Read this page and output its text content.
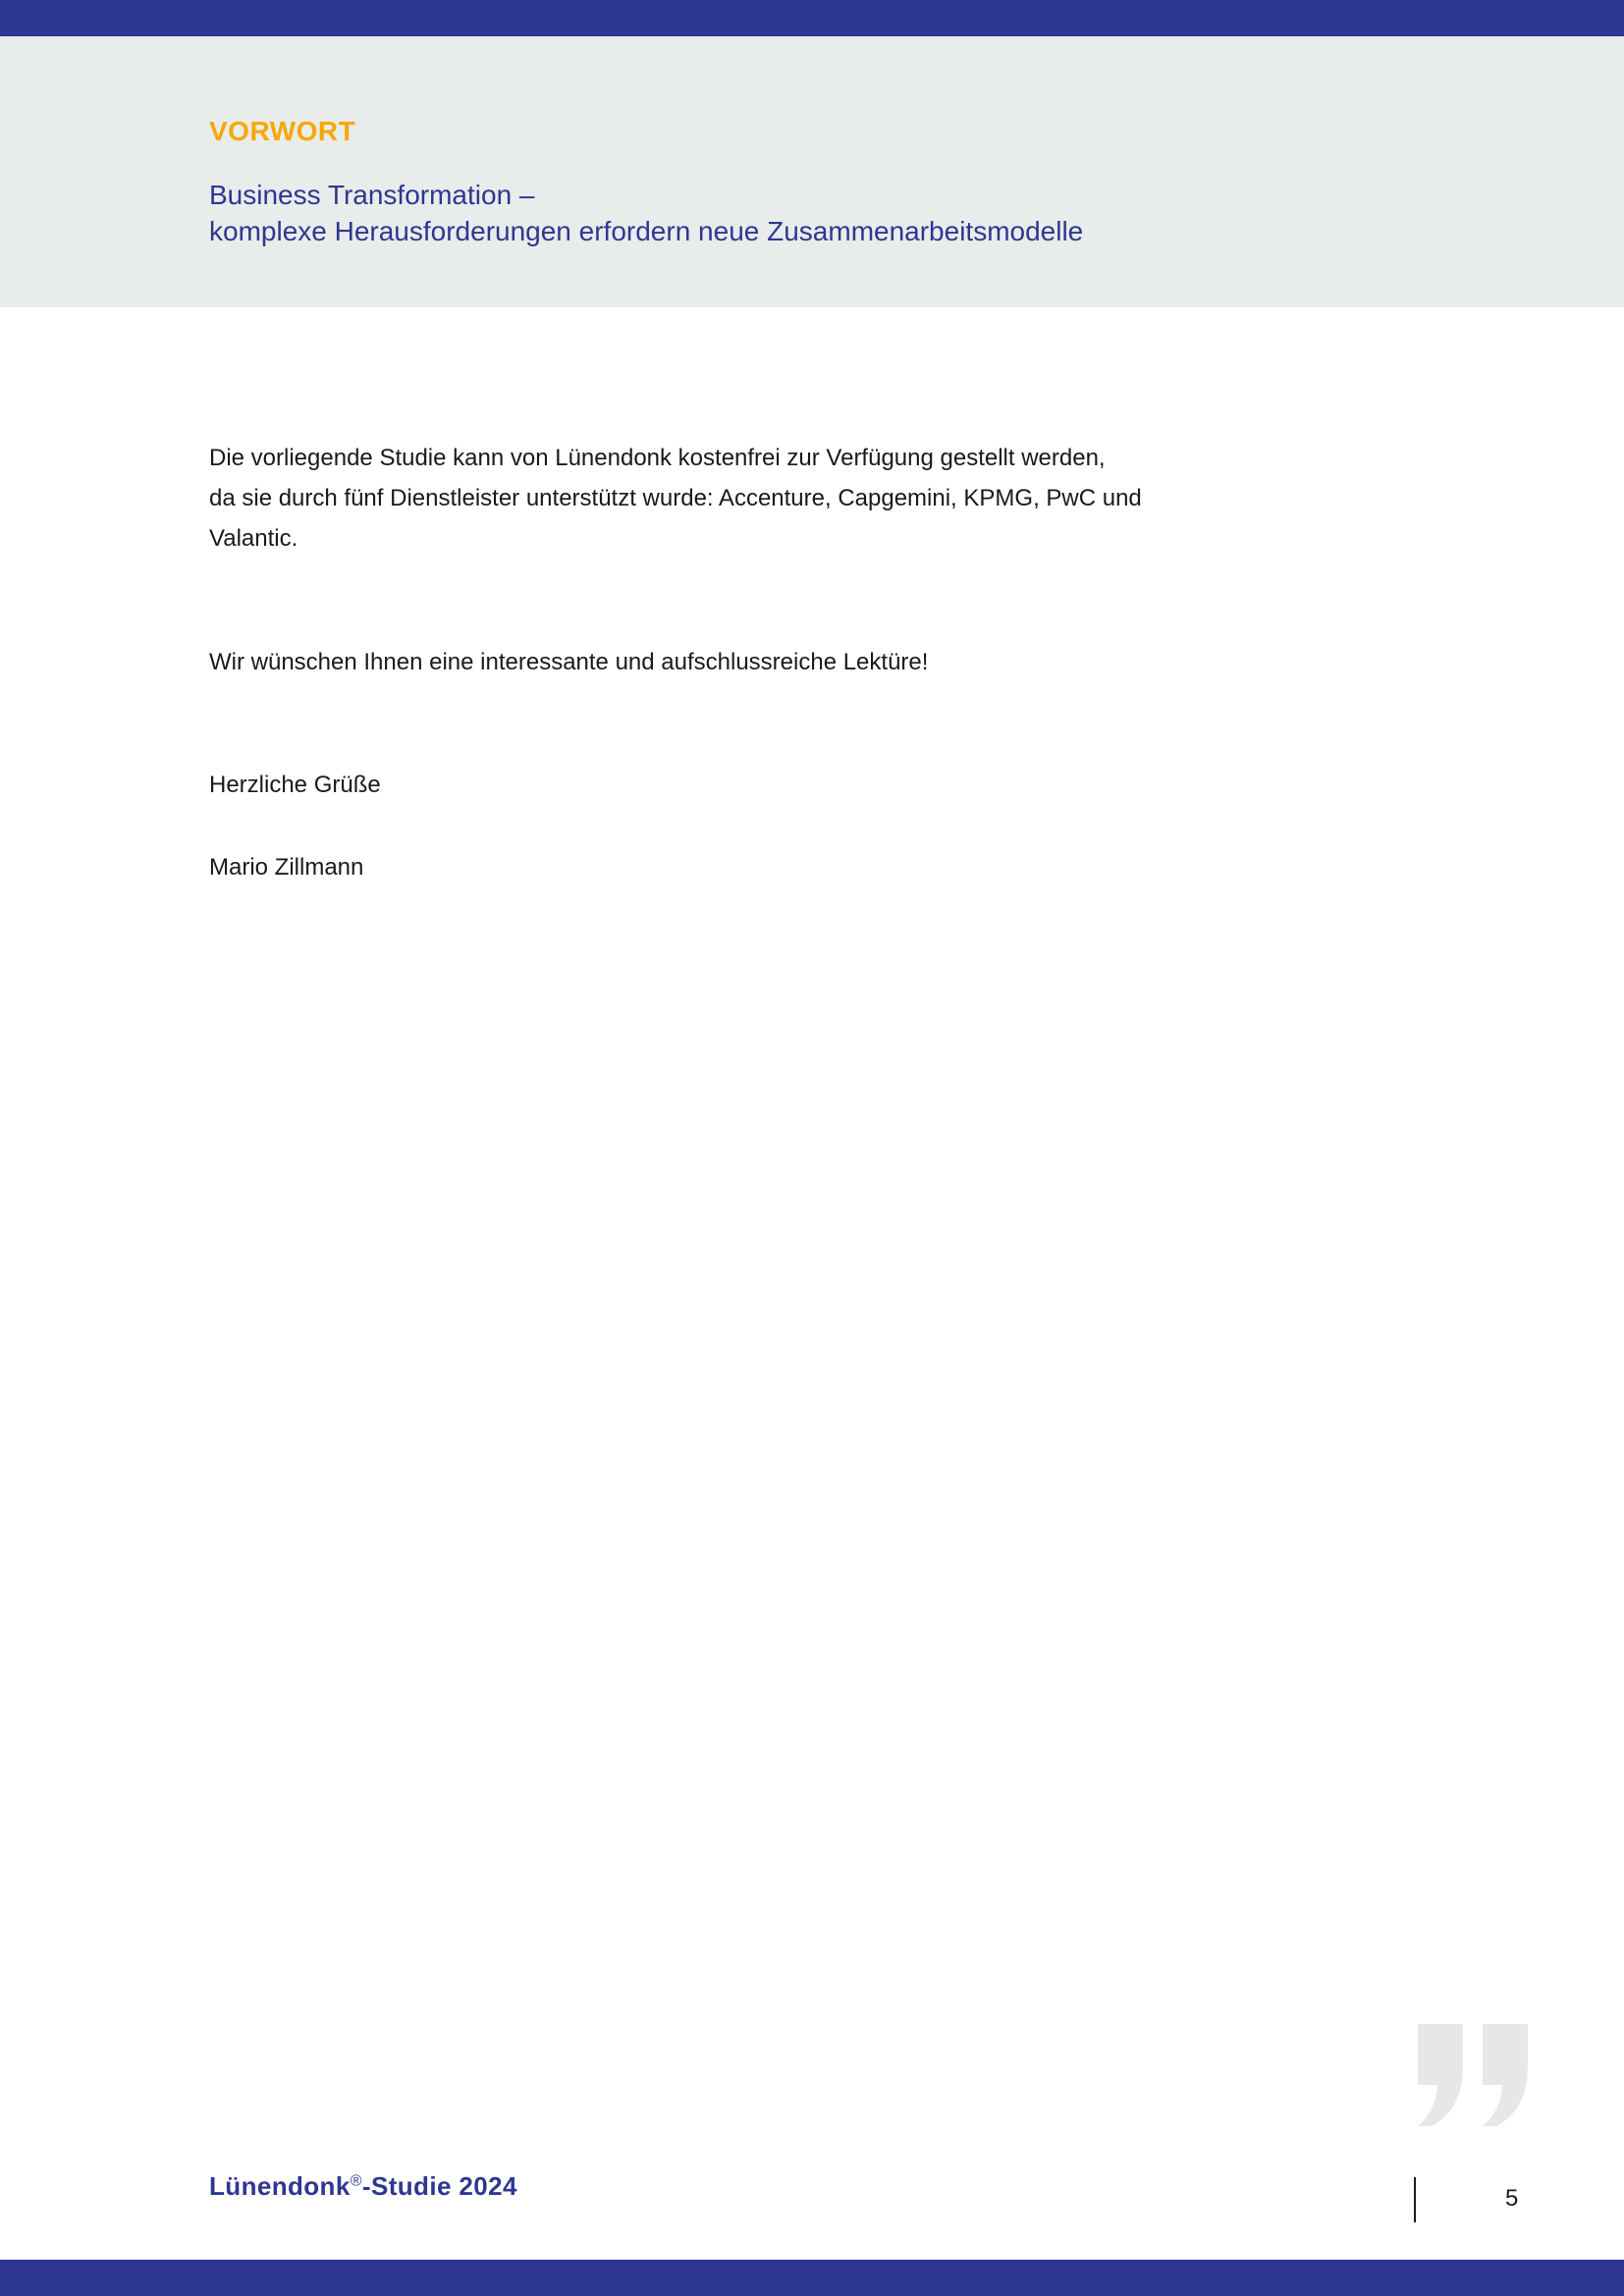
VORWORT
Business Transformation –
komplexe Herausforderungen erfordern neue Zusammenarbeitsmodelle
Die vorliegende Studie kann von Lünendonk kostenfrei zur Verfügung gestellt werden,
da sie durch fünf Dienstleister unterstützt wurde: Accenture, Capgemini, KPMG, PwC und
Valantic.
Wir wünschen Ihnen eine interessante und aufschlussreiche Lektüre!
Herzliche Grüße
Mario Zillmann
Lünendonk®-Studie 2024	5
